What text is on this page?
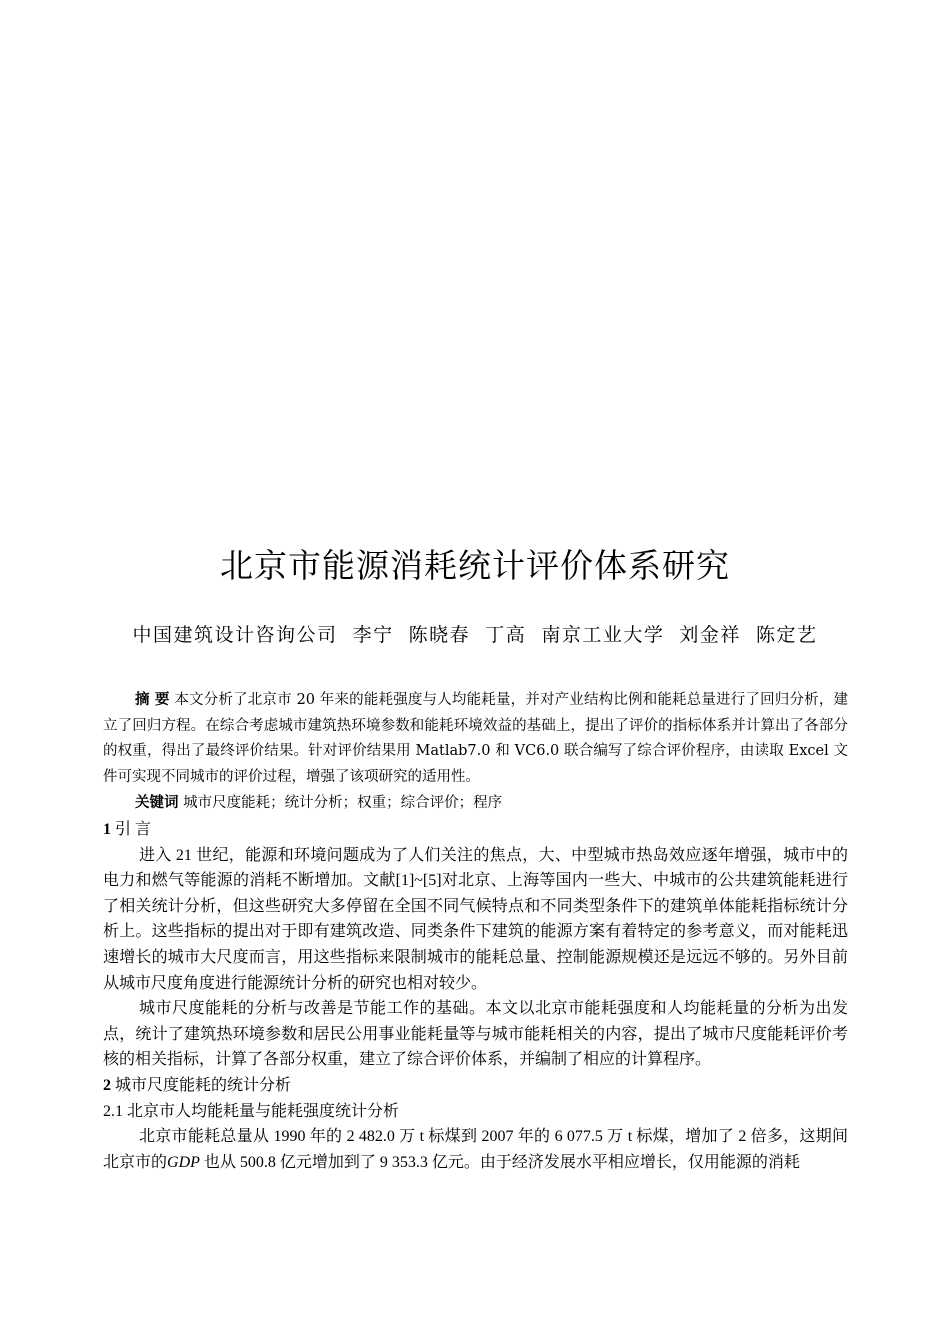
北京市能源消耗统计评价体系研究
中国建筑设计咨询公司  李宁  陈晓春  丁高  南京工业大学  刘金祥  陈定艺

摘 要 本文分析了北京市 20 年来的能耗强度与人均能耗量，并对产业结构比例和能耗总量进行了回归分析，建立了回归方程。在综合考虑城市建筑热环境参数和能耗环境效益的基础上，提出了评价的指标体系并计算出了各部分的权重，得出了最终评价结果。针对评价结果用 Matlab7.0 和 VC6.0 联合编写了综合评价程序，由读取 Excel 文件可实现不同城市的评价过程，增强了该项研究的适用性。

关键词 城市尺度能耗；统计分析；权重；综合评价；程序

1 引 言

进入 21 世纪，能源和环境问题成为了人们关注的焦点，大、中型城市热岛效应逐年增强，城市中的电力和燃气等能源的消耗不断增加。文献[1]~[5]对北京、上海等国内一些大、中城市的公共建筑能耗进行了相关统计分析，但这些研究大多停留在全国不同气候特点和不同类型条件下的建筑单体能耗指标统计分析上。这些指标的提出对于即有建筑改造、同类条件下建筑的能源方案有着特定的参考意义，而对能耗迅速增长的城市大尺度而言，用这些指标来限制城市的能耗总量、控制能源规模还是远远不够的。另外目前从城市尺度角度进行能源统计分析的研究也相对较少。

城市尺度能耗的分析与改善是节能工作的基础。本文以北京市能耗强度和人均能耗量的分析为出发点，统计了建筑热环境参数和居民公用事业能耗量等与城市能耗相关的内容，提出了城市尺度能耗评价考核的相关指标，计算了各部分权重，建立了综合评价体系，并编制了相应的计算程序。

2 城市尺度能耗的统计分析

2.1 北京市人均能耗量与能耗强度统计分析

北京市能耗总量从 1990 年的 2 482.0 万 t 标煤到 2007 年的 6 077.5 万 t 标煤，增加了 2 倍多，这期间北京市的GDP 也从 500.8 亿元增加到了 9 353.3 亿元。由于经济发展水平相应增长，仅用能源的消耗
